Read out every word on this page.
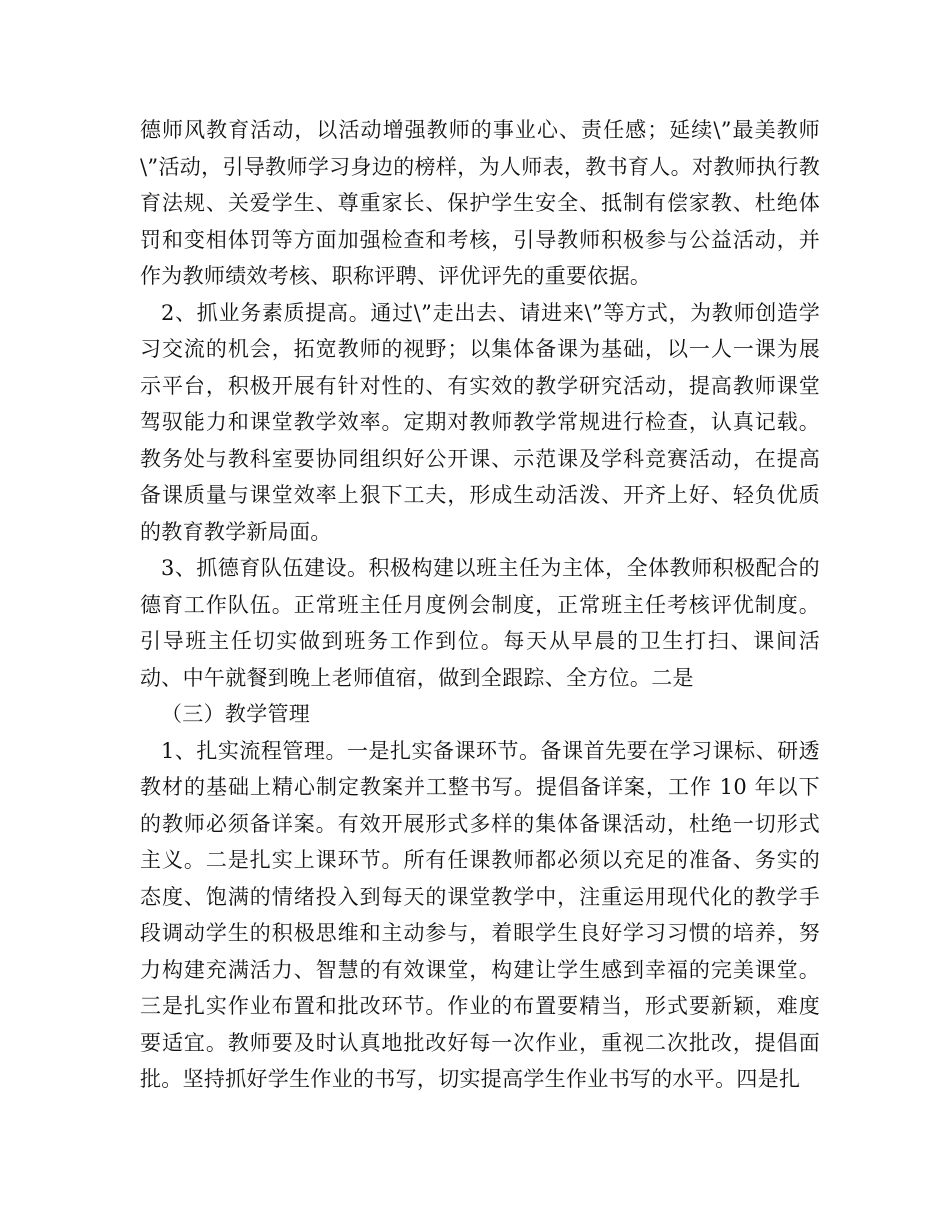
德师风教育活动，以活动增强教师的事业心、责任感；延续\”最美教师\”活动，引导教师学习身边的榜样，为人师表，教书育人。对教师执行教育法规、关爱学生、尊重家长、保护学生安全、抵制有偿家教、杜绝体罚和变相体罚等方面加强检查和考核，引导教师积极参与公益活动，并作为教师绩效考核、职称评聘、评优评先的重要依据。

2、抓业务素质提高。通过\”走出去、请进来\”等方式，为教师创造学习交流的机会，拓宽教师的视野；以集体备课为基础，以一人一课为展示平台，积极开展有针对性的、有实效的教学研究活动，提高教师课堂驾驭能力和课堂教学效率。定期对教师教学常规进行检查，认真记载。教务处与教科室要协同组织好公开课、示范课及学科竞赛活动，在提高备课质量与课堂效率上狠下工夫，形成生动活泼、开齐上好、轻负优质的教育教学新局面。

3、抓德育队伍建设。积极构建以班主任为主体，全体教师积极配合的德育工作队伍。正常班主任月度例会制度，正常班主任考核评优制度。引导班主任切实做到班务工作到位。每天从早晨的卫生打扫、课间活动、中午就餐到晚上老师值宿，做到全跟踪、全方位。二是

（三）教学管理

1、扎实流程管理。一是扎实备课环节。备课首先要在学习课标、研透教材的基础上精心制定教案并工整书写。提倡备详案，工作 10 年以下的教师必须备详案。有效开展形式多样的集体备课活动，杜绝一切形式主义。二是扎实上课环节。所有任课教师都必须以充足的准备、务实的态度、饱满的情绪投入到每天的课堂教学中，注重运用现代化的教学手段调动学生的积极思维和主动参与，着眼学生良好学习习惯的培养，努力构建充满活力、智慧的有效课堂，构建让学生感到幸福的完美课堂。三是扎实作业布置和批改环节。作业的布置要精当，形式要新颖，难度要适宜。教师要及时认真地批改好每一次作业，重视二次批改，提倡面批。坚持抓好学生作业的书写，切实提高学生作业书写的水平。四是扎
